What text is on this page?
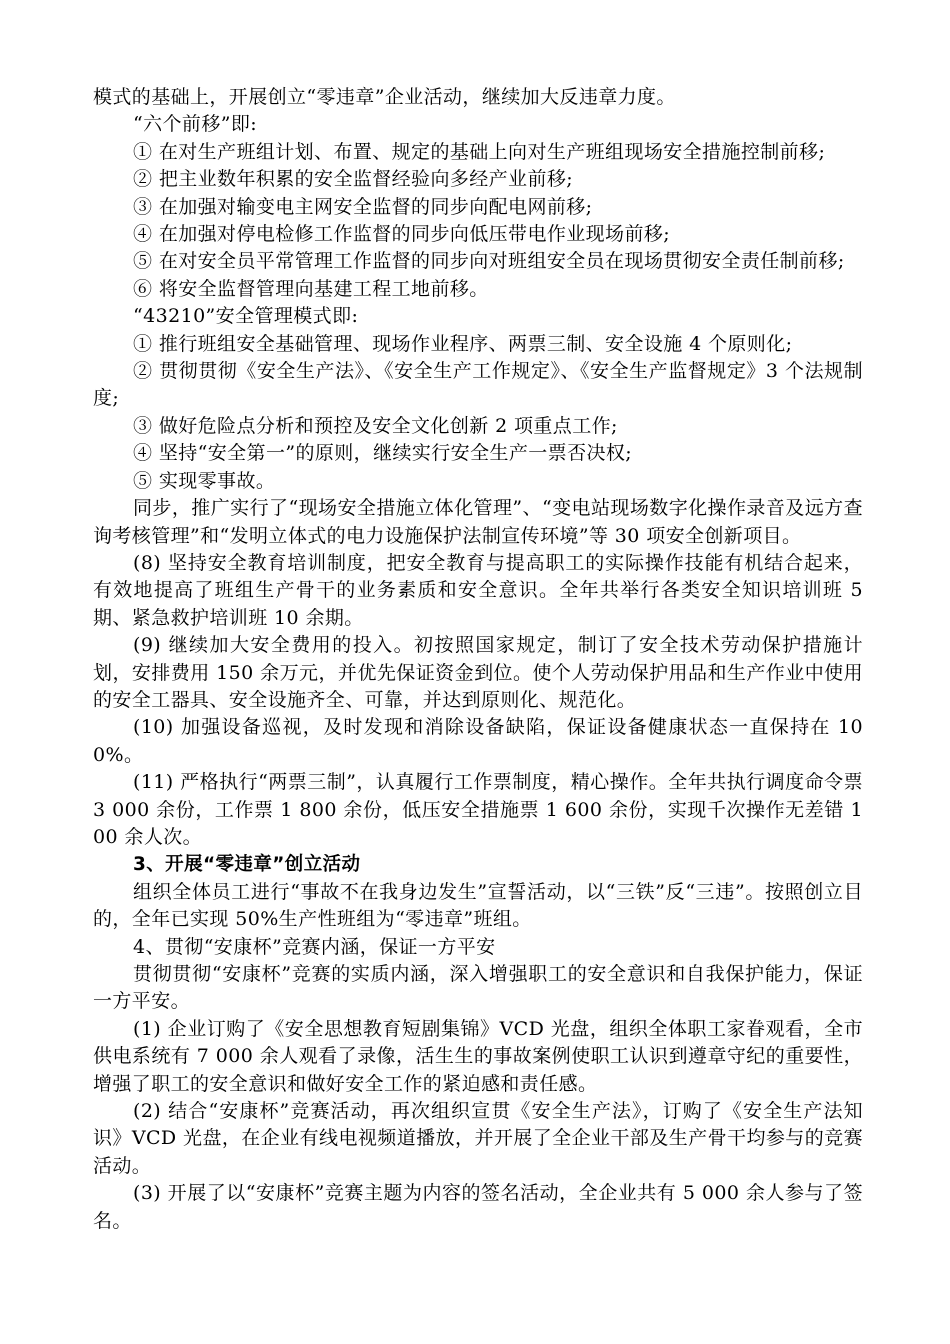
模式的基础上，开展创立“零违章”企业活动，继续加大反违章力度。

“六个前移”即:

① 在对生产班组计划、布置、规定的基础上向对生产班组现场安全措施控制前移;

② 把主业数年积累的安全监督经验向多经产业前移;

③ 在加强对输变电主网安全监督的同步向配电网前移;

④ 在加强对停电检修工作监督的同步向低压带电作业现场前移;

⑤ 在对安全员平常管理工作监督的同步向对班组安全员在现场贯彻安全责任制前移;

⑥ 将安全监督管理向基建工程工地前移。

“43210”安全管理模式即:

① 推行班组安全基础管理、现场作业程序、两票三制、安全设施 4 个原则化;

② 贯彻贯彻《安全生产法》、《安全生产工作规定》、《安全生产监督规定》3 个法规制度;

③ 做好危险点分析和预控及安全文化创新 2 项重点工作;

④ 坚持“安全第一”的原则，继续实行安全生产一票否决权;

⑤ 实现零事故。

同步，推广实行了“现场安全措施立体化管理”、“变电站现场数字化操作录音及远方查询考核管理”和“发明立体式的电力设施保护法制宣传环境”等 30 项安全创新项目。

(8) 坚持安全教育培训制度，把安全教育与提高职工的实际操作技能有机结合起来，有效地提高了班组生产骨干的业务素质和安全意识。全年共举行各类安全知识培训班 5 期、紧急救护培训班 10 余期。

(9) 继续加大安全费用的投入。初按照国家规定，制订了安全技术劳动保护措施计划，安排费用 150 余万元，并优先保证资金到位。使个人劳动保护用品和生产作业中使用的安全工器具、安全设施齐全、可靠，并达到原则化、规范化。

(10) 加强设备巡视，及时发现和消除设备缺陷，保证设备健康状态一直保持在 100%。

(11) 严格执行“两票三制”，认真履行工作票制度，精心操作。全年共执行调度命令票 3 000 余份，工作票 1 800 余份，低压安全措施票 1 600 余份，实现千次操作无差错 100 余人次。

3、开展“零违章”创立活动

组织全体员工进行“事故不在我身边发生”宣誓活动，以“三铁”反“三违”。按照创立目的，全年已实现 50%生产性班组为“零违章”班组。

4、贯彻“安康杯”竞赛内涵，保证一方平安

贯彻贯彻“安康杯”竞赛的实质内涵，深入增强职工的安全意识和自我保护能力，保证一方平安。

(1) 企业订购了《安全思想教育短剧集锦》VCD 光盘，组织全体职工家眷观看，全市供电系统有 7 000 余人观看了录像，活生生的事故案例使职工认识到遵章守纪的重要性，增强了职工的安全意识和做好安全工作的紧迫感和责任感。

(2) 结合“安康杯”竞赛活动，再次组织宣贯《安全生产法》，订购了《安全生产法知识》VCD 光盘，在企业有线电视频道播放，并开展了全企业干部及生产骨干均参与的竞赛活动。

(3) 开展了以“安康杯”竞赛主题为内容的签名活动，全企业共有 5 000 余人参与了签名。
